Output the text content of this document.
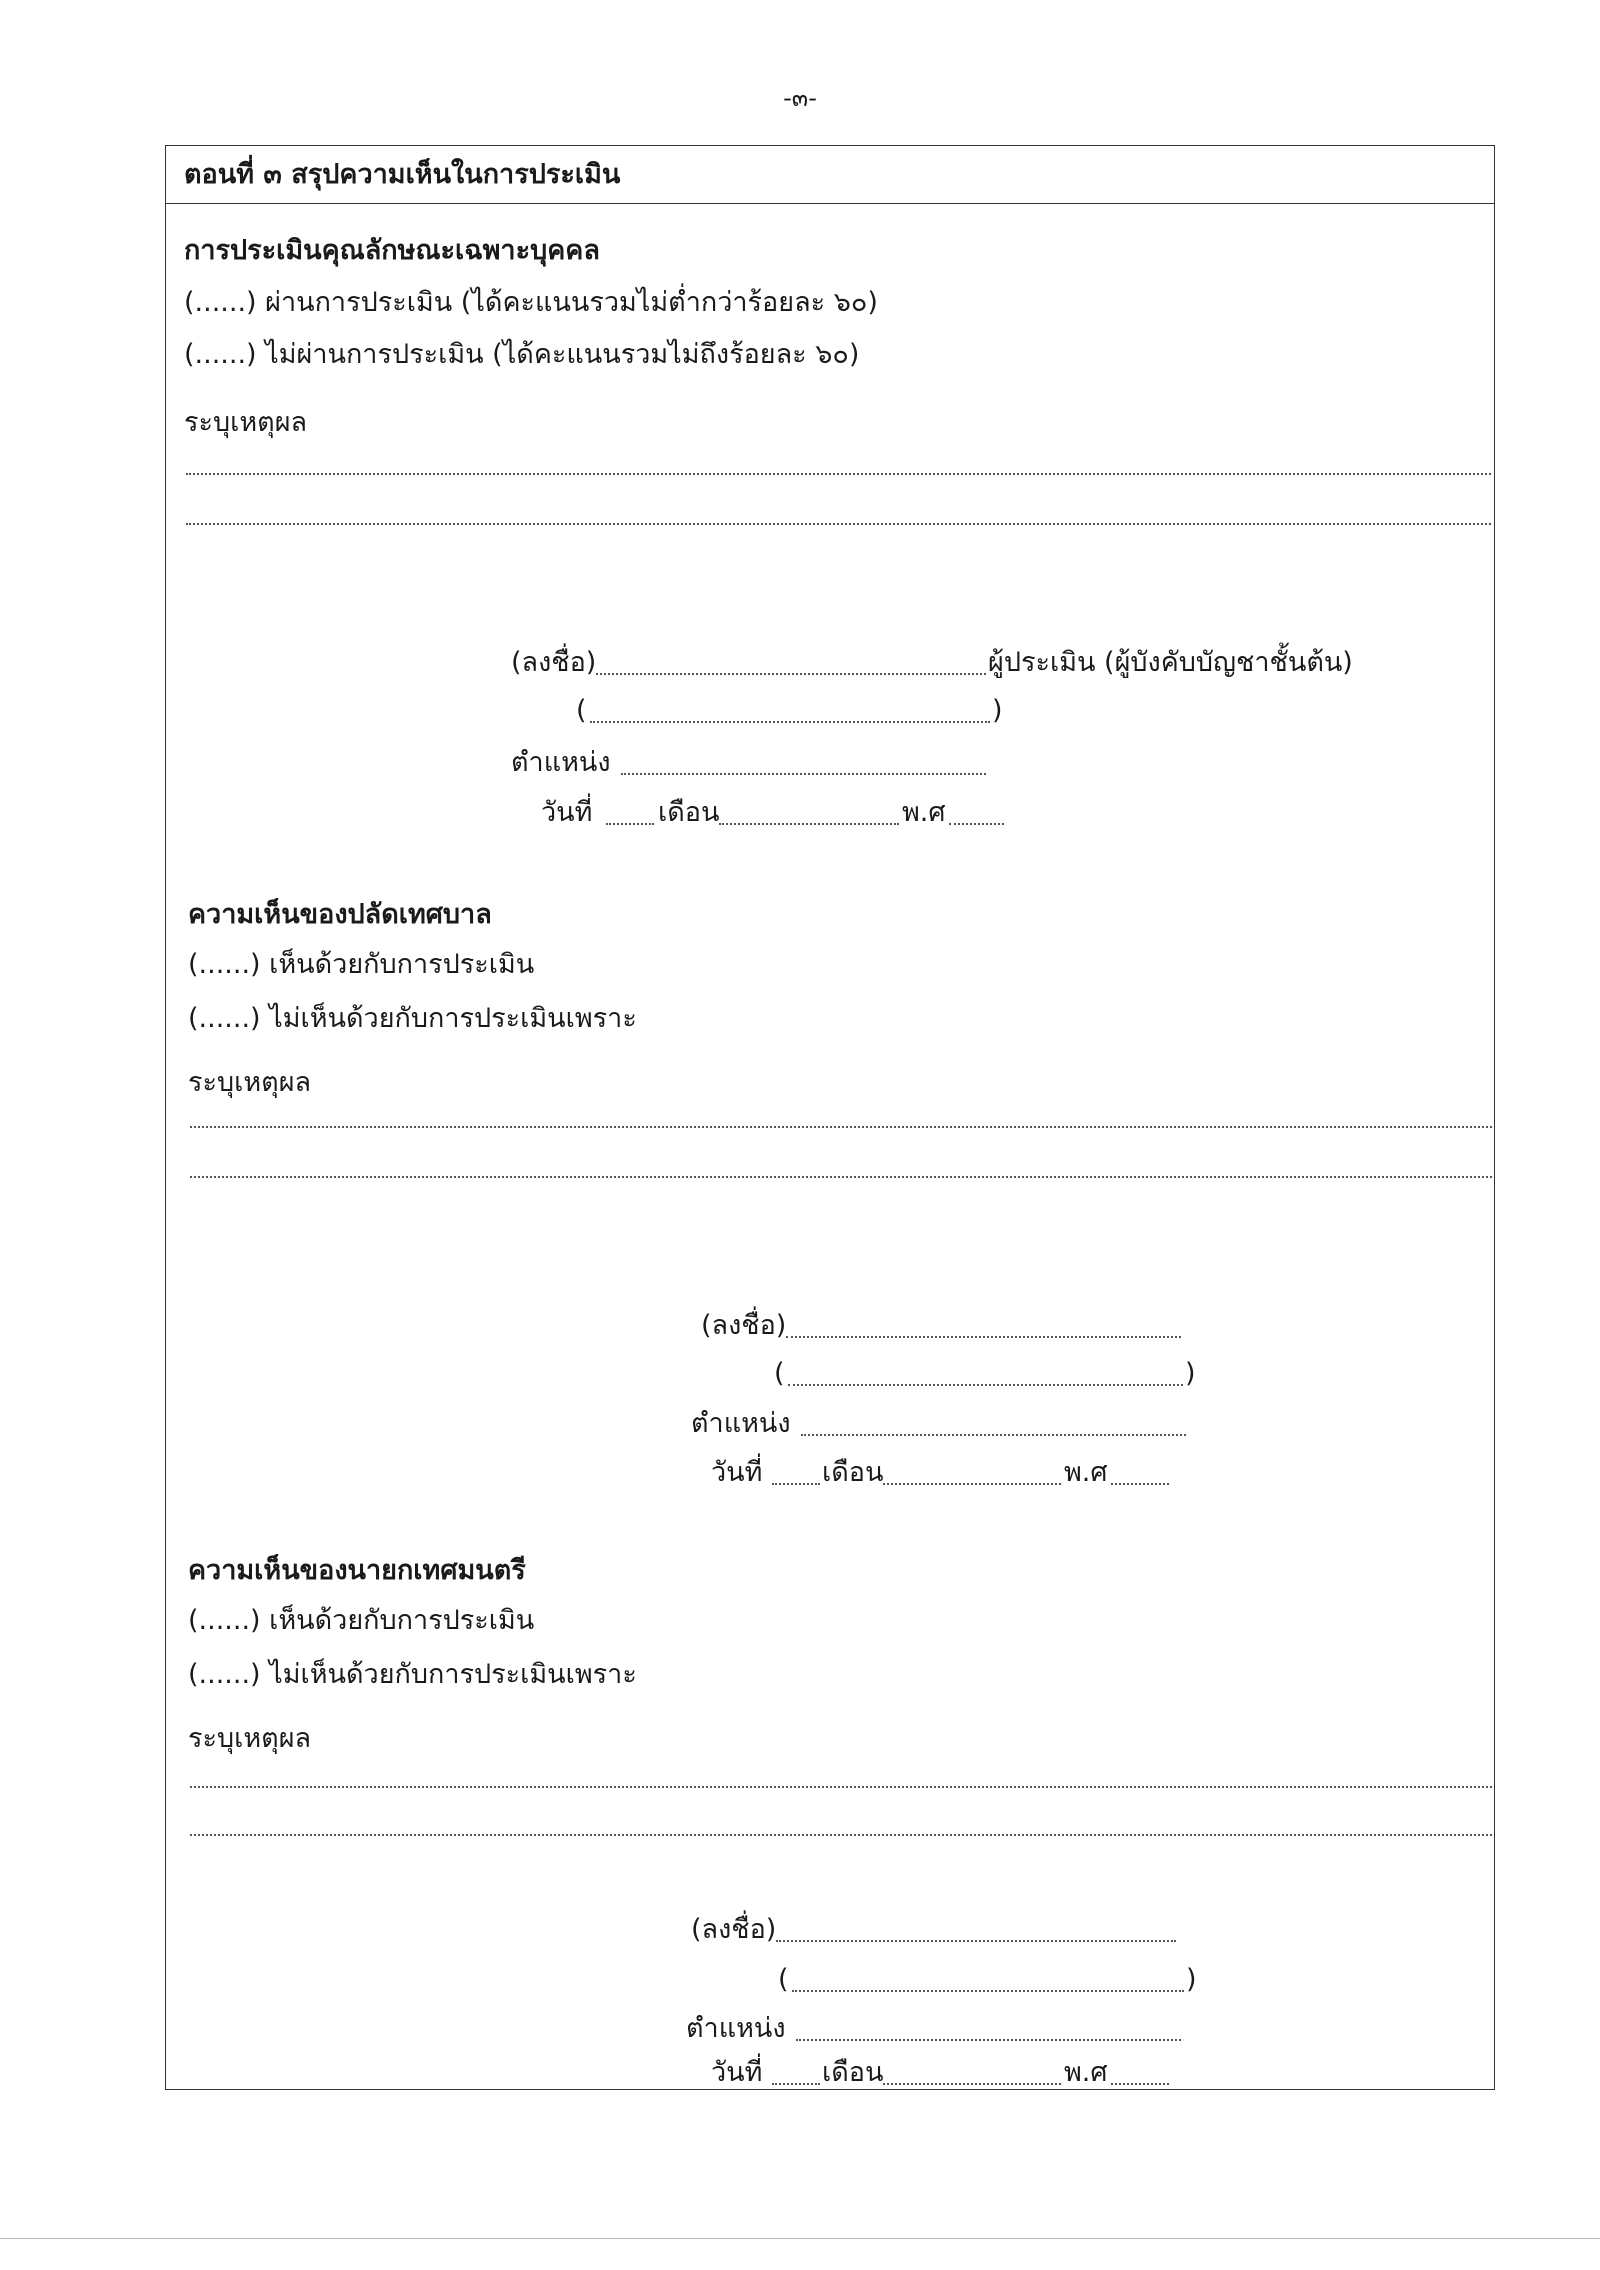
-๓-
ตอนที่ ๓ สรุปความเห็นในการประเมิน
การประเมินคุณลักษณะเฉพาะบุคคล
(......) ผ่านการประเมิน (ได้คะแนนรวมไม่ต่ำกว่าร้อยละ ๖๐)
(......) ไม่ผ่านการประเมิน (ได้คะแนนรวมไม่ถึงร้อยละ ๖๐)
ระบุเหตุผล
(ลงชื่อ)	ผู้ประเมิน (ผู้บังคับบัญชาชั้นต้น)
(	)
ตำแหน่ง
วันที่ เดือน	พ.ศ
ความเห็นของปลัดเทศบาล
(......) เห็นด้วยกับการประเมิน
(......) ไม่เห็นด้วยกับการประเมินเพราะ
ระบุเหตุผล
(ลงชื่อ)
(	)
ตำแหน่ง
วันที่ เดือน	พ.ศ
ความเห็นของนายกเทศมนตรี
(......) เห็นด้วยกับการประเมิน
(......) ไม่เห็นด้วยกับการประเมินเพราะ
ระบุเหตุผล
(ลงชื่อ)
(	)
ตำแหน่ง
วันที่ เดือน	พ.ศ
